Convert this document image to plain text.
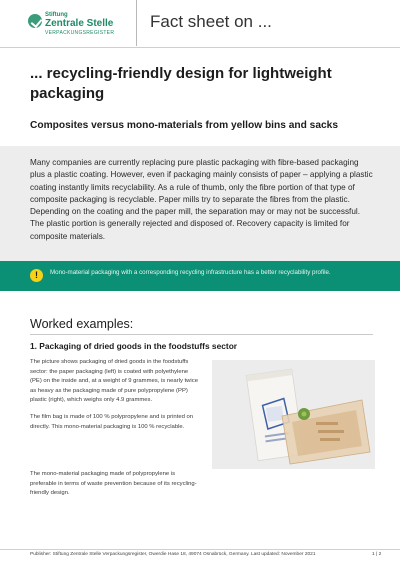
Stiftung
Zentrale Stelle
VERPACKUNGSREGISTER
Fact sheet on ...
... recycling-friendly design for lightweight packaging
Composites versus mono-materials from yellow bins and sacks

Many companies are currently replacing pure plastic packaging with fibre-based packaging plus a plastic coating. However, even if packaging mainly consists of paper – applying a plastic coating instantly limits recyclability. As a rule of thumb, only the fibre portion of that type of composite packaging is recyclable. Paper mills try to separate the fibres from the plastic. Depending on the coating and the paper mill, the separation may or may not be successful. The plastic portion is generally rejected and disposed of. Recovery capacity is limited for composite materials.

!	Mono-material packaging with a corresponding recycling infrastructure has a better recyclability profile.
Worked examples:
1. Packaging of dried goods in the foodstuffs sector

The picture shows packaging of dried goods in the foodstuffs sector: the paper packaging (left) is coated with polyethylene (PE) on the inside and, at a weight of 9 grammes, is nearly twice as heavy as the packaging made of pure polypropylene (PP) plastic (right), which weighs only 4.9 grammes.

The film bag is made of 100 % polypropylene and is printed on directly. This mono-material packaging is 100 % recyclable.

The mono-material packaging made of polypropylene is preferable in terms of waste prevention because of its recycling-friendly design.

Publisher: Stiftung Zentrale Stelle Verpackungsregister, Owerdie Hase 18, 49074 Osnabrück, Germany. Last updated: November 2021	1 | 2
